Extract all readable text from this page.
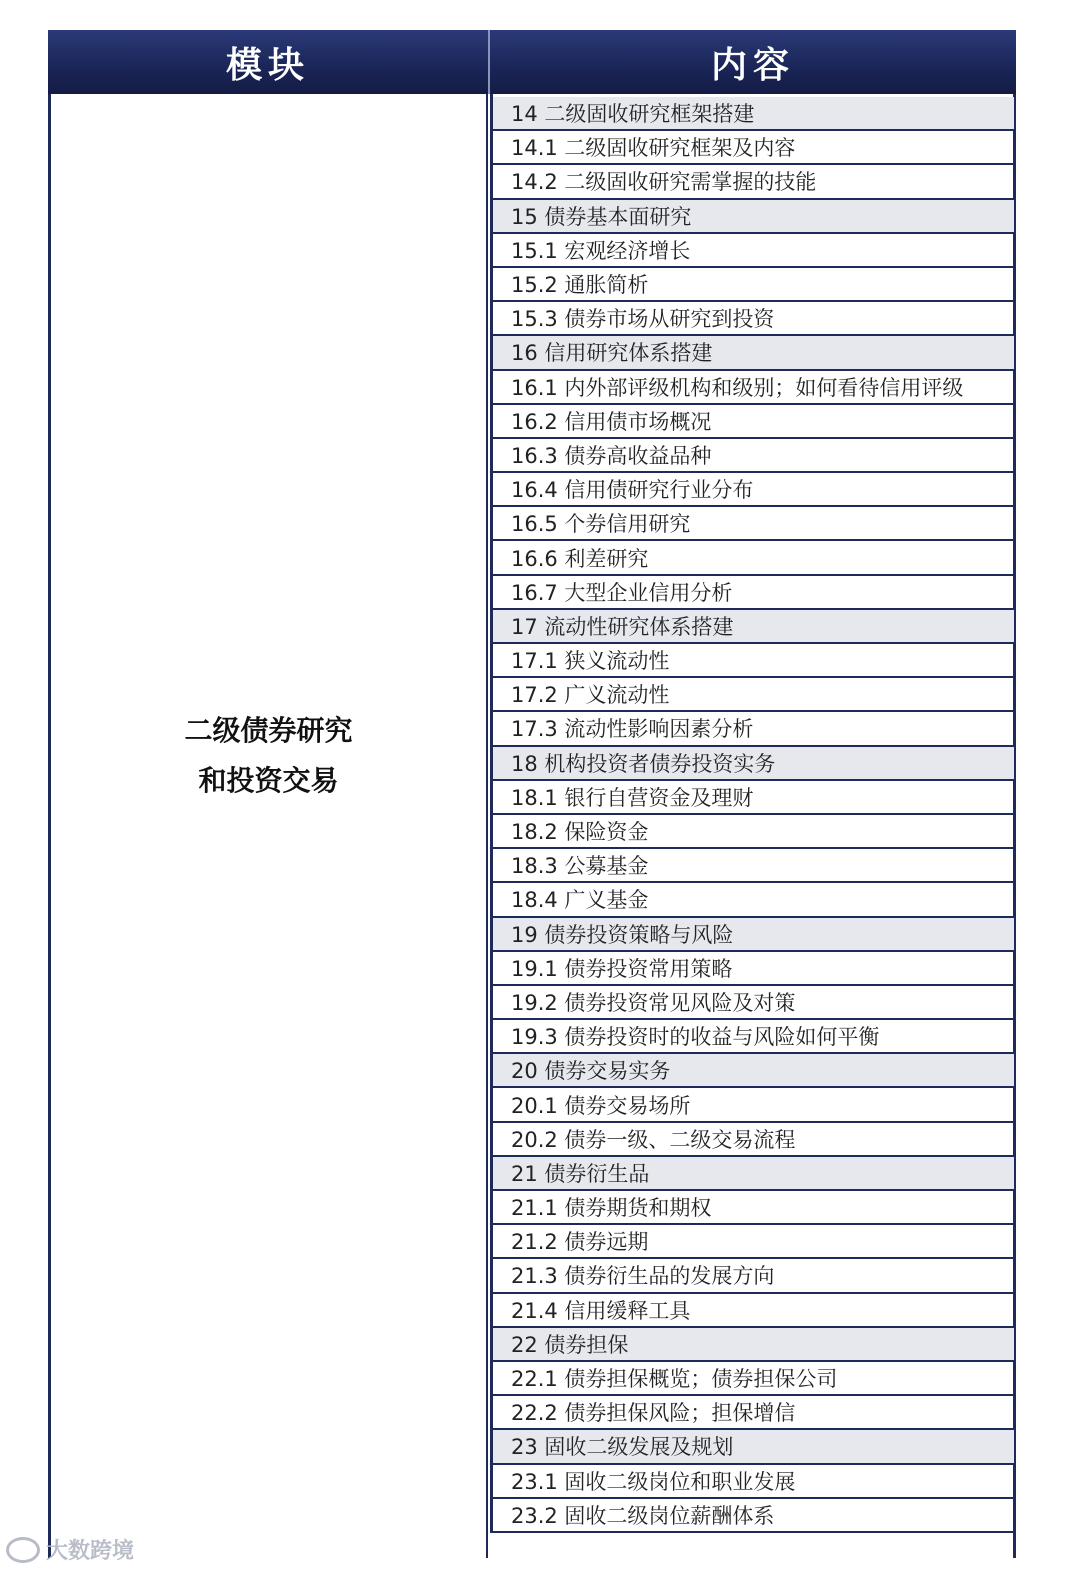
模块	内容
二级债券研究
和投资交易
14 二级固收研究框架搭建
14.1 二级固收研究框架及内容
14.2 二级固收研究需掌握的技能
15 债券基本面研究
15.1 宏观经济增长
15.2 通胀简析
15.3 债券市场从研究到投资
16 信用研究体系搭建
16.1 内外部评级机构和级别；如何看待信用评级
16.2 信用债市场概况
16.3 债券高收益品种
16.4 信用债研究行业分布
16.5 个券信用研究
16.6 利差研究
16.7 大型企业信用分析
17 流动性研究体系搭建
17.1 狭义流动性
17.2 广义流动性
17.3 流动性影响因素分析
18 机构投资者债券投资实务
18.1 银行自营资金及理财
18.2 保险资金
18.3 公募基金
18.4 广义基金
19 债券投资策略与风险
19.1 债券投资常用策略
19.2 债券投资常见风险及对策
19.3 债券投资时的收益与风险如何平衡
20 债券交易实务
20.1 债券交易场所
20.2 债券一级、二级交易流程
21 债券衍生品
21.1 债券期货和期权
21.2 债券远期
21.3 债券衍生品的发展方向
21.4 信用缓释工具
22 债券担保
22.1 债券担保概览；债券担保公司
22.2 债券担保风险；担保增信
23 固收二级发展及规划
23.1 固收二级岗位和职业发展
23.2 固收二级岗位薪酬体系
大数跨境
